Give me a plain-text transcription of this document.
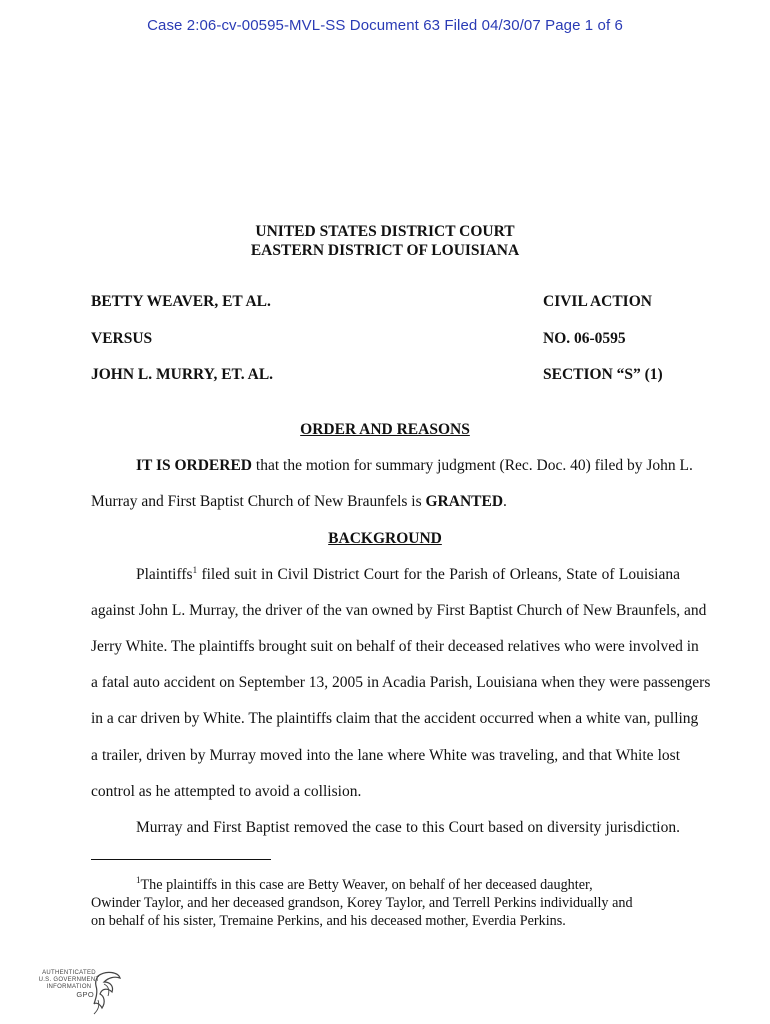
Case 2:06-cv-00595-MVL-SS Document 63 Filed 04/30/07 Page 1 of 6
UNITED STATES DISTRICT COURT
EASTERN DISTRICT OF LOUISIANA
BETTY WEAVER, ET AL.	CIVIL ACTION
VERSUS	NO. 06-0595
JOHN L. MURRY, ET. AL.	SECTION “S” (1)
ORDER AND REASONS
IT IS ORDERED that the motion for summary judgment (Rec. Doc. 40) filed by John L.
Murray and First Baptist Church of New Braunfels is GRANTED.
BACKGROUND
Plaintiffs$^1$ filed suit in Civil District Court for the Parish of Orleans, State of Louisiana
against John L. Murray, the driver of the van owned by First Baptist Church of New Braunfels, and
Jerry White. The plaintiffs brought suit on behalf of their deceased relatives who were involved in
a fatal auto accident on September 13, 2005 in Acadia Parish, Louisiana when they were passengers
in a car driven by White. The plaintiffs claim that the accident occurred when a white van, pulling
a trailer, driven by Murray moved into the lane where White was traveling, and that White lost
control as he attempted to avoid a collision.
Murray and First Baptist removed the case to this Court based on diversity jurisdiction.
$^1$The plaintiffs in this case are Betty Weaver, on behalf of her deceased daughter,
Owinder Taylor, and her deceased grandson, Korey Taylor, and Terrell Perkins individually and
on behalf of his sister, Tremaine Perkins, and his deceased mother, Everdia Perkins.
AUTHENTICATED
U.S. GOVERNMENT
INFORMATION
GPO
